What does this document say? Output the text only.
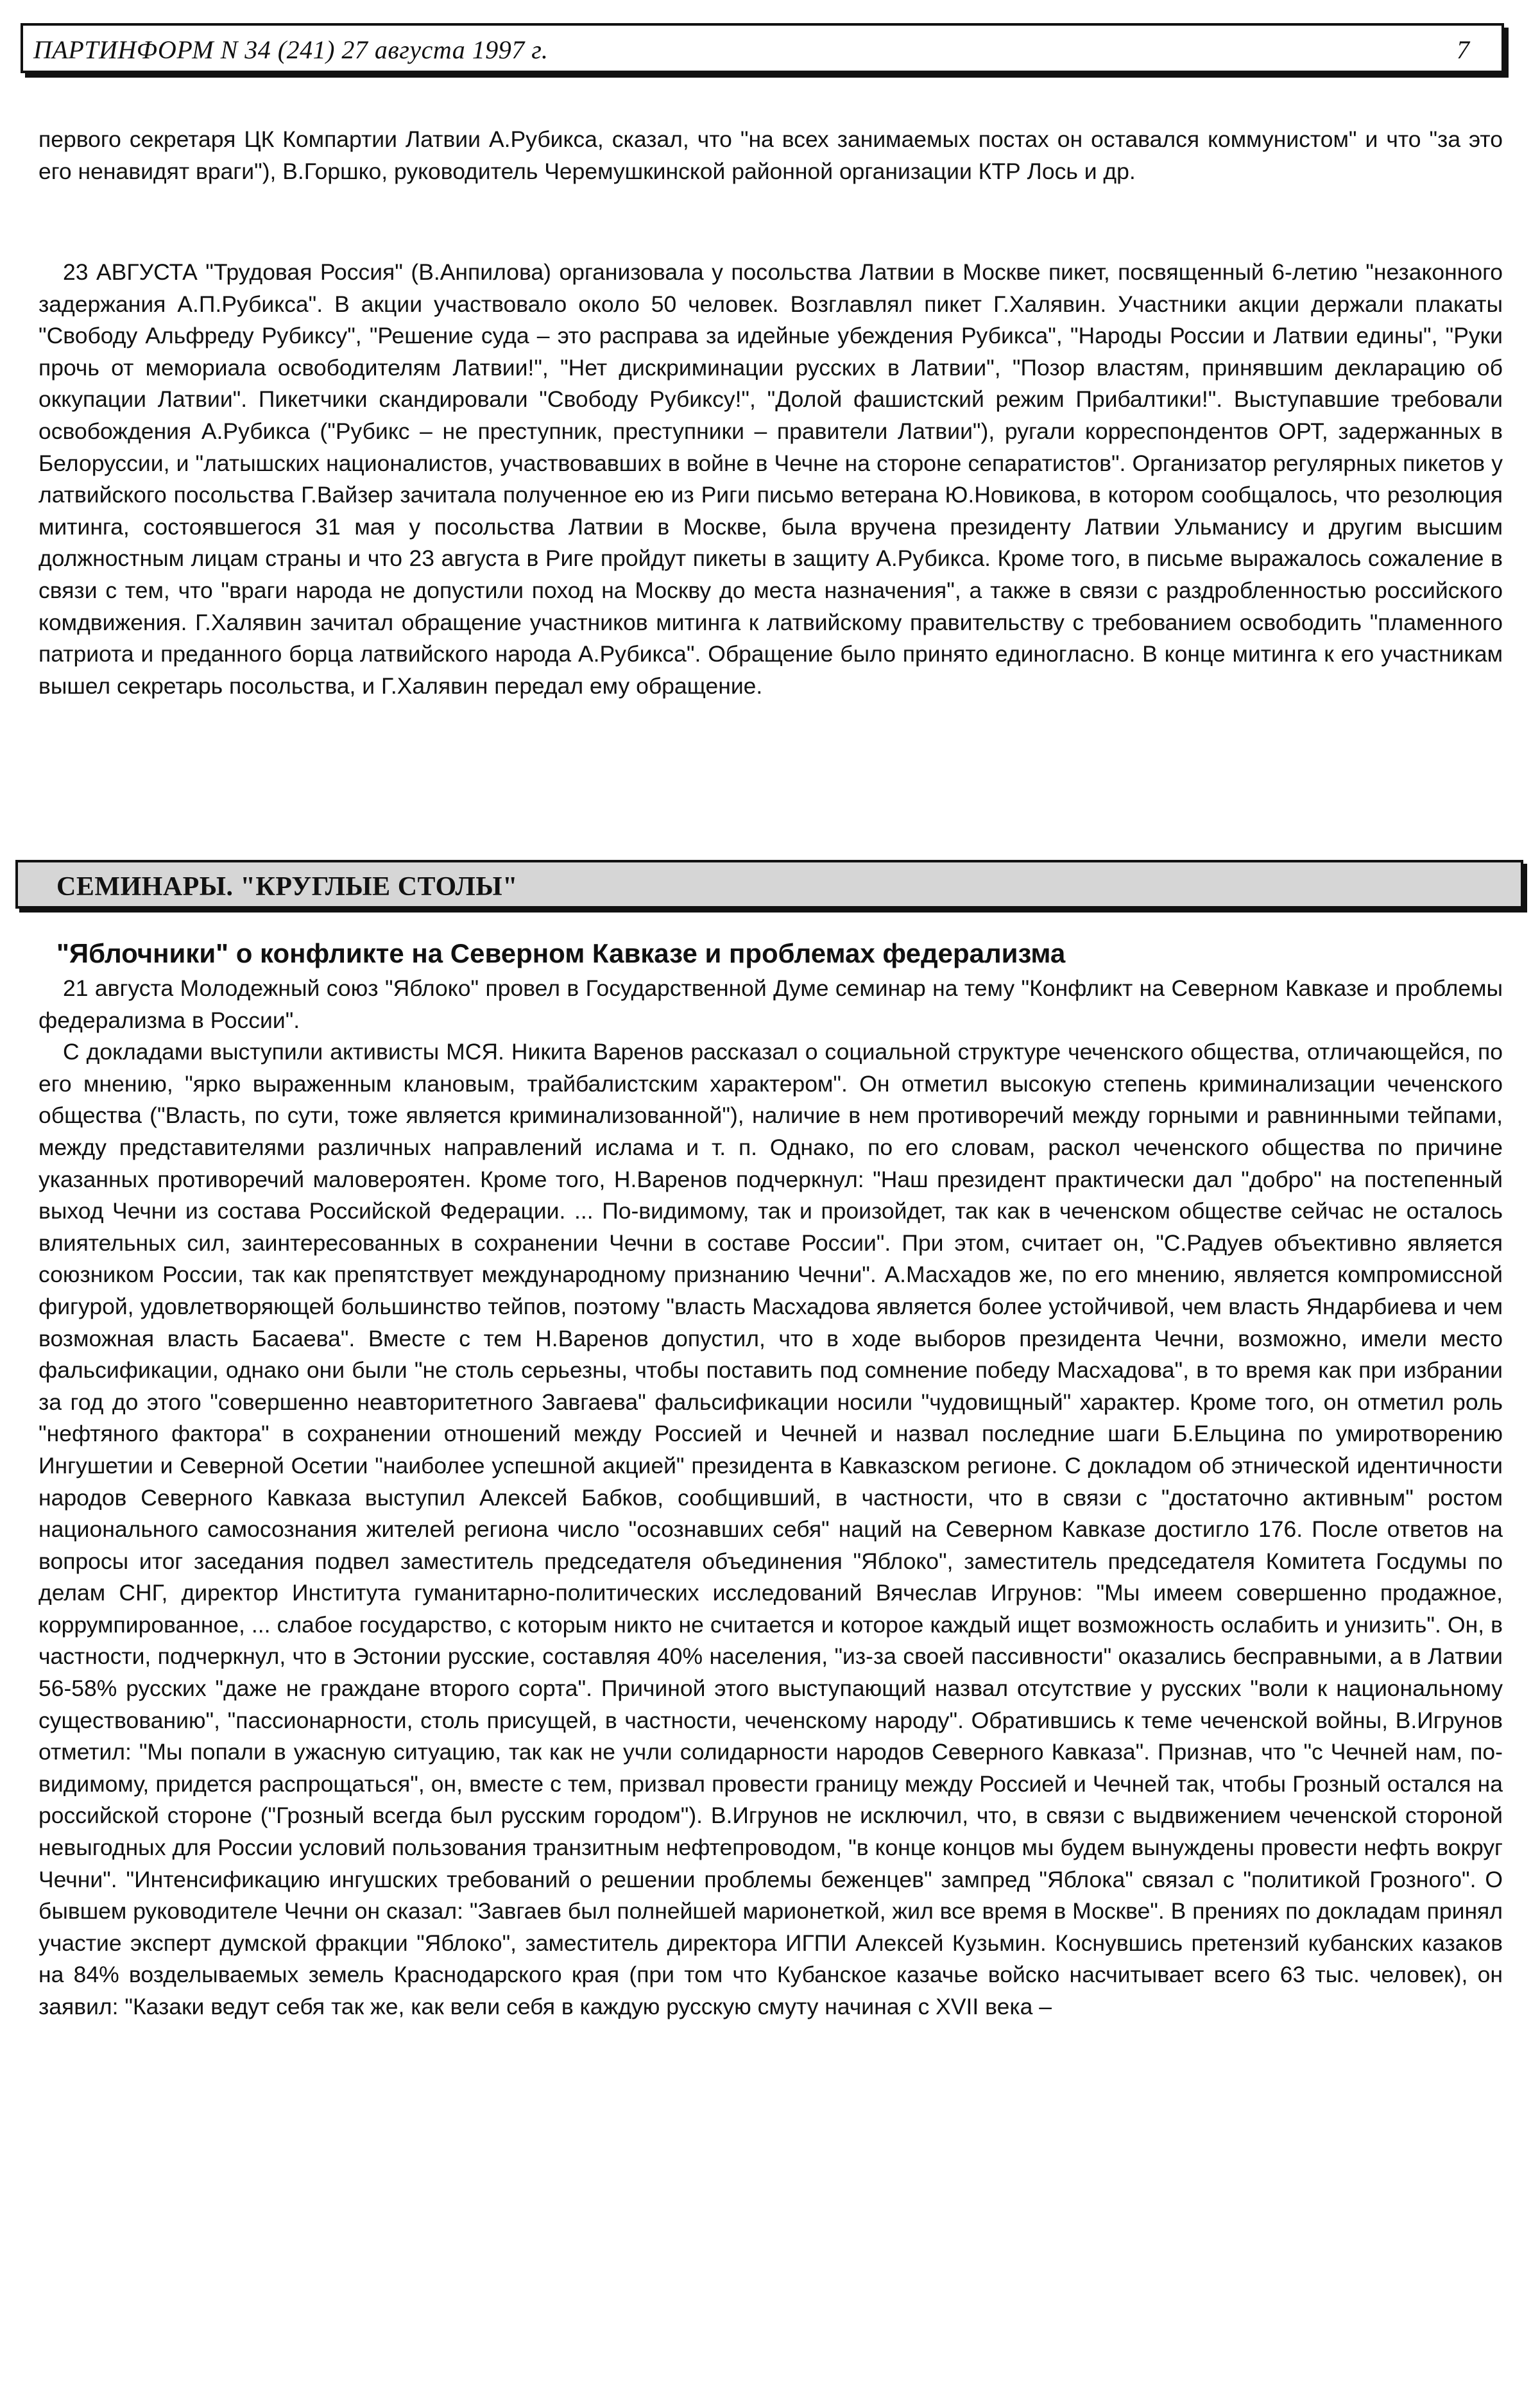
ПАРТИНФОРМ N 34 (241) 27 августа 1997 г.	7

первого секретаря ЦК Компартии Латвии А.Рубикса, сказал, что "на всех занимаемых постах он оставался коммунистом" и что "за это его ненавидят враги"), В.Горшко, руководитель Черемушкинской районной организации КТР Лось и др.

23 АВГУСТА "Трудовая Россия" (В.Анпилова) организовала у посольства Латвии в Москве пикет, посвященный 6-летию "незаконного задержания А.П.Рубикса". В акции участвовало около 50 человек. Возглавлял пикет Г.Халявин. Участники акции держали плакаты "Свободу Альфреду Рубиксу", "Решение суда – это расправа за идейные убеждения Рубикса", "Народы России и Латвии едины", "Руки прочь от мемориала освободителям Латвии!", "Нет дискриминации русских в Латвии", "Позор властям, принявшим декларацию об оккупации Латвии". Пикетчики скандировали "Свободу Рубиксу!", "Долой фашистский режим Прибалтики!". Выступавшие требовали освобождения А.Рубикса ("Рубикс – не преступник, преступники – правители Латвии"), ругали корреспондентов ОРТ, задержанных в Белоруссии, и "латышских националистов, участвовавших в войне в Чечне на стороне сепаратистов". Организатор регулярных пикетов у латвийского посольства Г.Вайзер зачитала полученное ею из Риги письмо ветерана Ю.Новикова, в котором сообщалось, что резолюция митинга, состоявшегося 31 мая у посольства Латвии в Москве, была вручена президенту Латвии Ульманису и другим высшим должностным лицам страны и что 23 августа в Риге пройдут пикеты в защиту А.Рубикса. Кроме того, в письме выражалось сожаление в связи с тем, что "враги народа не допустили поход на Москву до места назначения", а также в связи с раздробленностью российского комдвижения. Г.Халявин зачитал обращение участников митинга к латвийскому правительству с требованием освободить "пламенного патриота и преданного борца латвийского народа А.Рубикса". Обращение было принято единогласно. В конце митинга к его участникам вышел секретарь посольства, и Г.Халявин передал ему обращение.

СЕМИНАРЫ. "КРУГЛЫЕ СТОЛЫ"
"Яблочники" о конфликте на Северном Кавказе и проблемах федерализма

21 августа Молодежный союз "Яблоко" провел в Государственной Думе семинар на тему "Конфликт на Северном Кавказе и проблемы федерализма в России".

С докладами выступили активисты МСЯ. Никита Варенов рассказал о социальной структуре чеченского общества, отличающейся, по его мнению, "ярко выраженным клановым, трайбалистским характером". Он отметил высокую степень криминализации чеченского общества ("Власть, по сути, тоже является криминализованной"), наличие в нем противоречий между горными и равнинными тейпами, между представителями различных направлений ислама и т. п. Однако, по его словам, раскол чеченского общества по причине указанных противоречий маловероятен. Кроме того, Н.Варенов подчеркнул: "Наш президент практически дал "добро" на постепенный выход Чечни из состава Российской Федерации. ... По-видимому, так и произойдет, так как в чеченском обществе сейчас не осталось влиятельных сил, заинтересованных в сохранении Чечни в составе России". При этом, считает он, "С.Радуев объективно является союзником России, так как препятствует международному признанию Чечни". А.Масхадов же, по его мнению, является компромиссной фигурой, удовлетворяющей большинство тейпов, поэтому "власть Масхадова является более устойчивой, чем власть Яндарбиева и чем возможная власть Басаева". Вместе с тем Н.Варенов допустил, что в ходе выборов президента Чечни, возможно, имели место фальсификации, однако они были "не столь серьезны, чтобы поставить под сомнение победу Масхадова", в то время как при избрании за год до этого "совершенно неавторитетного Завгаева" фальсификации носили "чудовищный" характер. Кроме того, он отметил роль "нефтяного фактора" в сохранении отношений между Россией и Чечней и назвал последние шаги Б.Ельцина по умиротворению Ингушетии и Северной Осетии "наиболее успешной акцией" президента в Кавказском регионе. С докладом об этнической идентичности народов Северного Кавказа выступил Алексей Бабков, сообщивший, в частности, что в связи с "достаточно активным" ростом национального самосознания жителей региона число "осознавших себя" наций на Северном Кавказе достигло 176. После ответов на вопросы итог заседания подвел заместитель председателя объединения "Яблоко", заместитель председателя Комитета Госдумы по делам СНГ, директор Института гуманитарно-политических исследований Вячеслав Игрунов: "Мы имеем совершенно продажное, коррумпированное, ... слабое государство, с которым никто не считается и которое каждый ищет возможность ослабить и унизить". Он, в частности, подчеркнул, что в Эстонии русские, составляя 40% населения, "из-за своей пассивности" оказались бесправными, а в Латвии 56-58% русских "даже не граждане второго сорта". Причиной этого выступающий назвал отсутствие у русских "воли к национальному существованию", "пассионарности, столь присущей, в частности, чеченскому народу". Обратившись к теме чеченской войны, В.Игрунов отметил: "Мы попали в ужасную ситуацию, так как не учли солидарности народов Северного Кавказа". Признав, что "с Чечней нам, по-видимому, придется распрощаться", он, вместе с тем, призвал провести границу между Россией и Чечней так, чтобы Грозный остался на российской стороне ("Грозный всегда был русским городом"). В.Игрунов не исключил, что, в связи с выдвижением чеченской стороной невыгодных для России условий пользования транзитным нефтепроводом, "в конце концов мы будем вынуждены провести нефть вокруг Чечни". "Интенсификацию ингушских требований о решении проблемы беженцев" зампред "Яблока" связал с "политикой Грозного". О бывшем руководителе Чечни он сказал: "Завгаев был полнейшей марионеткой, жил все время в Москве". В прениях по докладам принял участие эксперт думской фракции "Яблоко", заместитель директора ИГПИ Алексей Кузьмин. Коснувшись претензий кубанских казаков на 84% возделываемых земель Краснодарского края (при том что Кубанское казачье войско насчитывает всего 63 тыс. человек), он заявил: "Казаки ведут себя так же, как вели себя в каждую русскую смуту начиная с XVII века –
